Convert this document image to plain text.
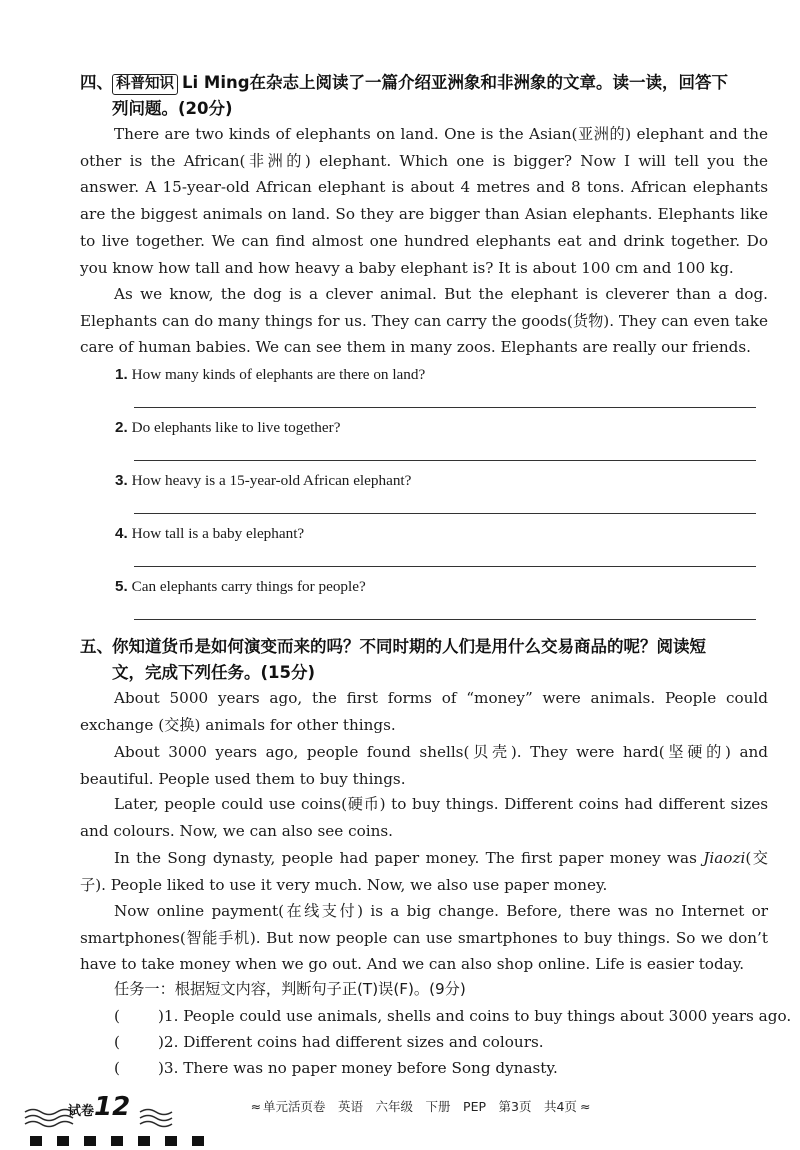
四、 科普知识 Li Ming在杂志上阅读了一篇介绍亚洲象和非洲象的文章。读一读，回答下
列问题。(20分)
There are two kinds of elephants on land. One is the Asian(亚洲的) elephant and the other is the African(非洲的) elephant. Which one is bigger? Now I will tell you the answer. A 15-year-old African elephant is about 4 metres and 8 tons. African elephants are the biggest animals on land. So they are bigger than Asian elephants. Elephants like to live together. We can find almost one hundred elephants eat and drink together. Do you know how tall and how heavy a baby elephant is? It is about 100 cm and 100 kg.
As we know, the dog is a clever animal. But the elephant is cleverer than a dog. Elephants can do many things for us. They can carry the goods(货物). They can even take care of human babies. We can see them in many zoos. Elephants are really our friends.
1. How many kinds of elephants are there on land?
2. Do elephants like to live together?
3. How heavy is a 15-year-old African elephant?
4. How tall is a baby elephant?
5. Can elephants carry things for people?
五、你知道货币是如何演变而来的吗？不同时期的人们是用什么交易商品的呢？阅读短
文，完成下列任务。(15分)
About 5000 years ago, the first forms of “money” were animals. People could exchange (交换) animals for other things.
About 3000 years ago, people found shells(贝壳). They were hard(坚硬的) and beautiful. People used them to buy things.
Later, people could use coins(硬币) to buy things. Different coins had different sizes and colours. Now, we can also see coins.
In the Song dynasty, people had paper money. The first paper money was Jiaozi(交子). People liked to use it very much. Now, we also use paper money.
Now online payment(在线支付) is a big change. Before, there was no Internet or smartphones(智能手机). But now people can use smartphones to buy things. So we don’t have to take money when we go out. And we can also shop online. Life is easier today.
任务一：根据短文内容，判断句子正(T)误(F)。(9分)
(	)1. People could use animals, shells and coins to buy things about 3000 years ago.
(	)2. Different coins had different sizes and colours.
(	)3. There was no paper money before Song dynasty.
试卷12	≈ 单元活页卷　英语　六年级　下册　PEP　第3页　共4页 ≈
